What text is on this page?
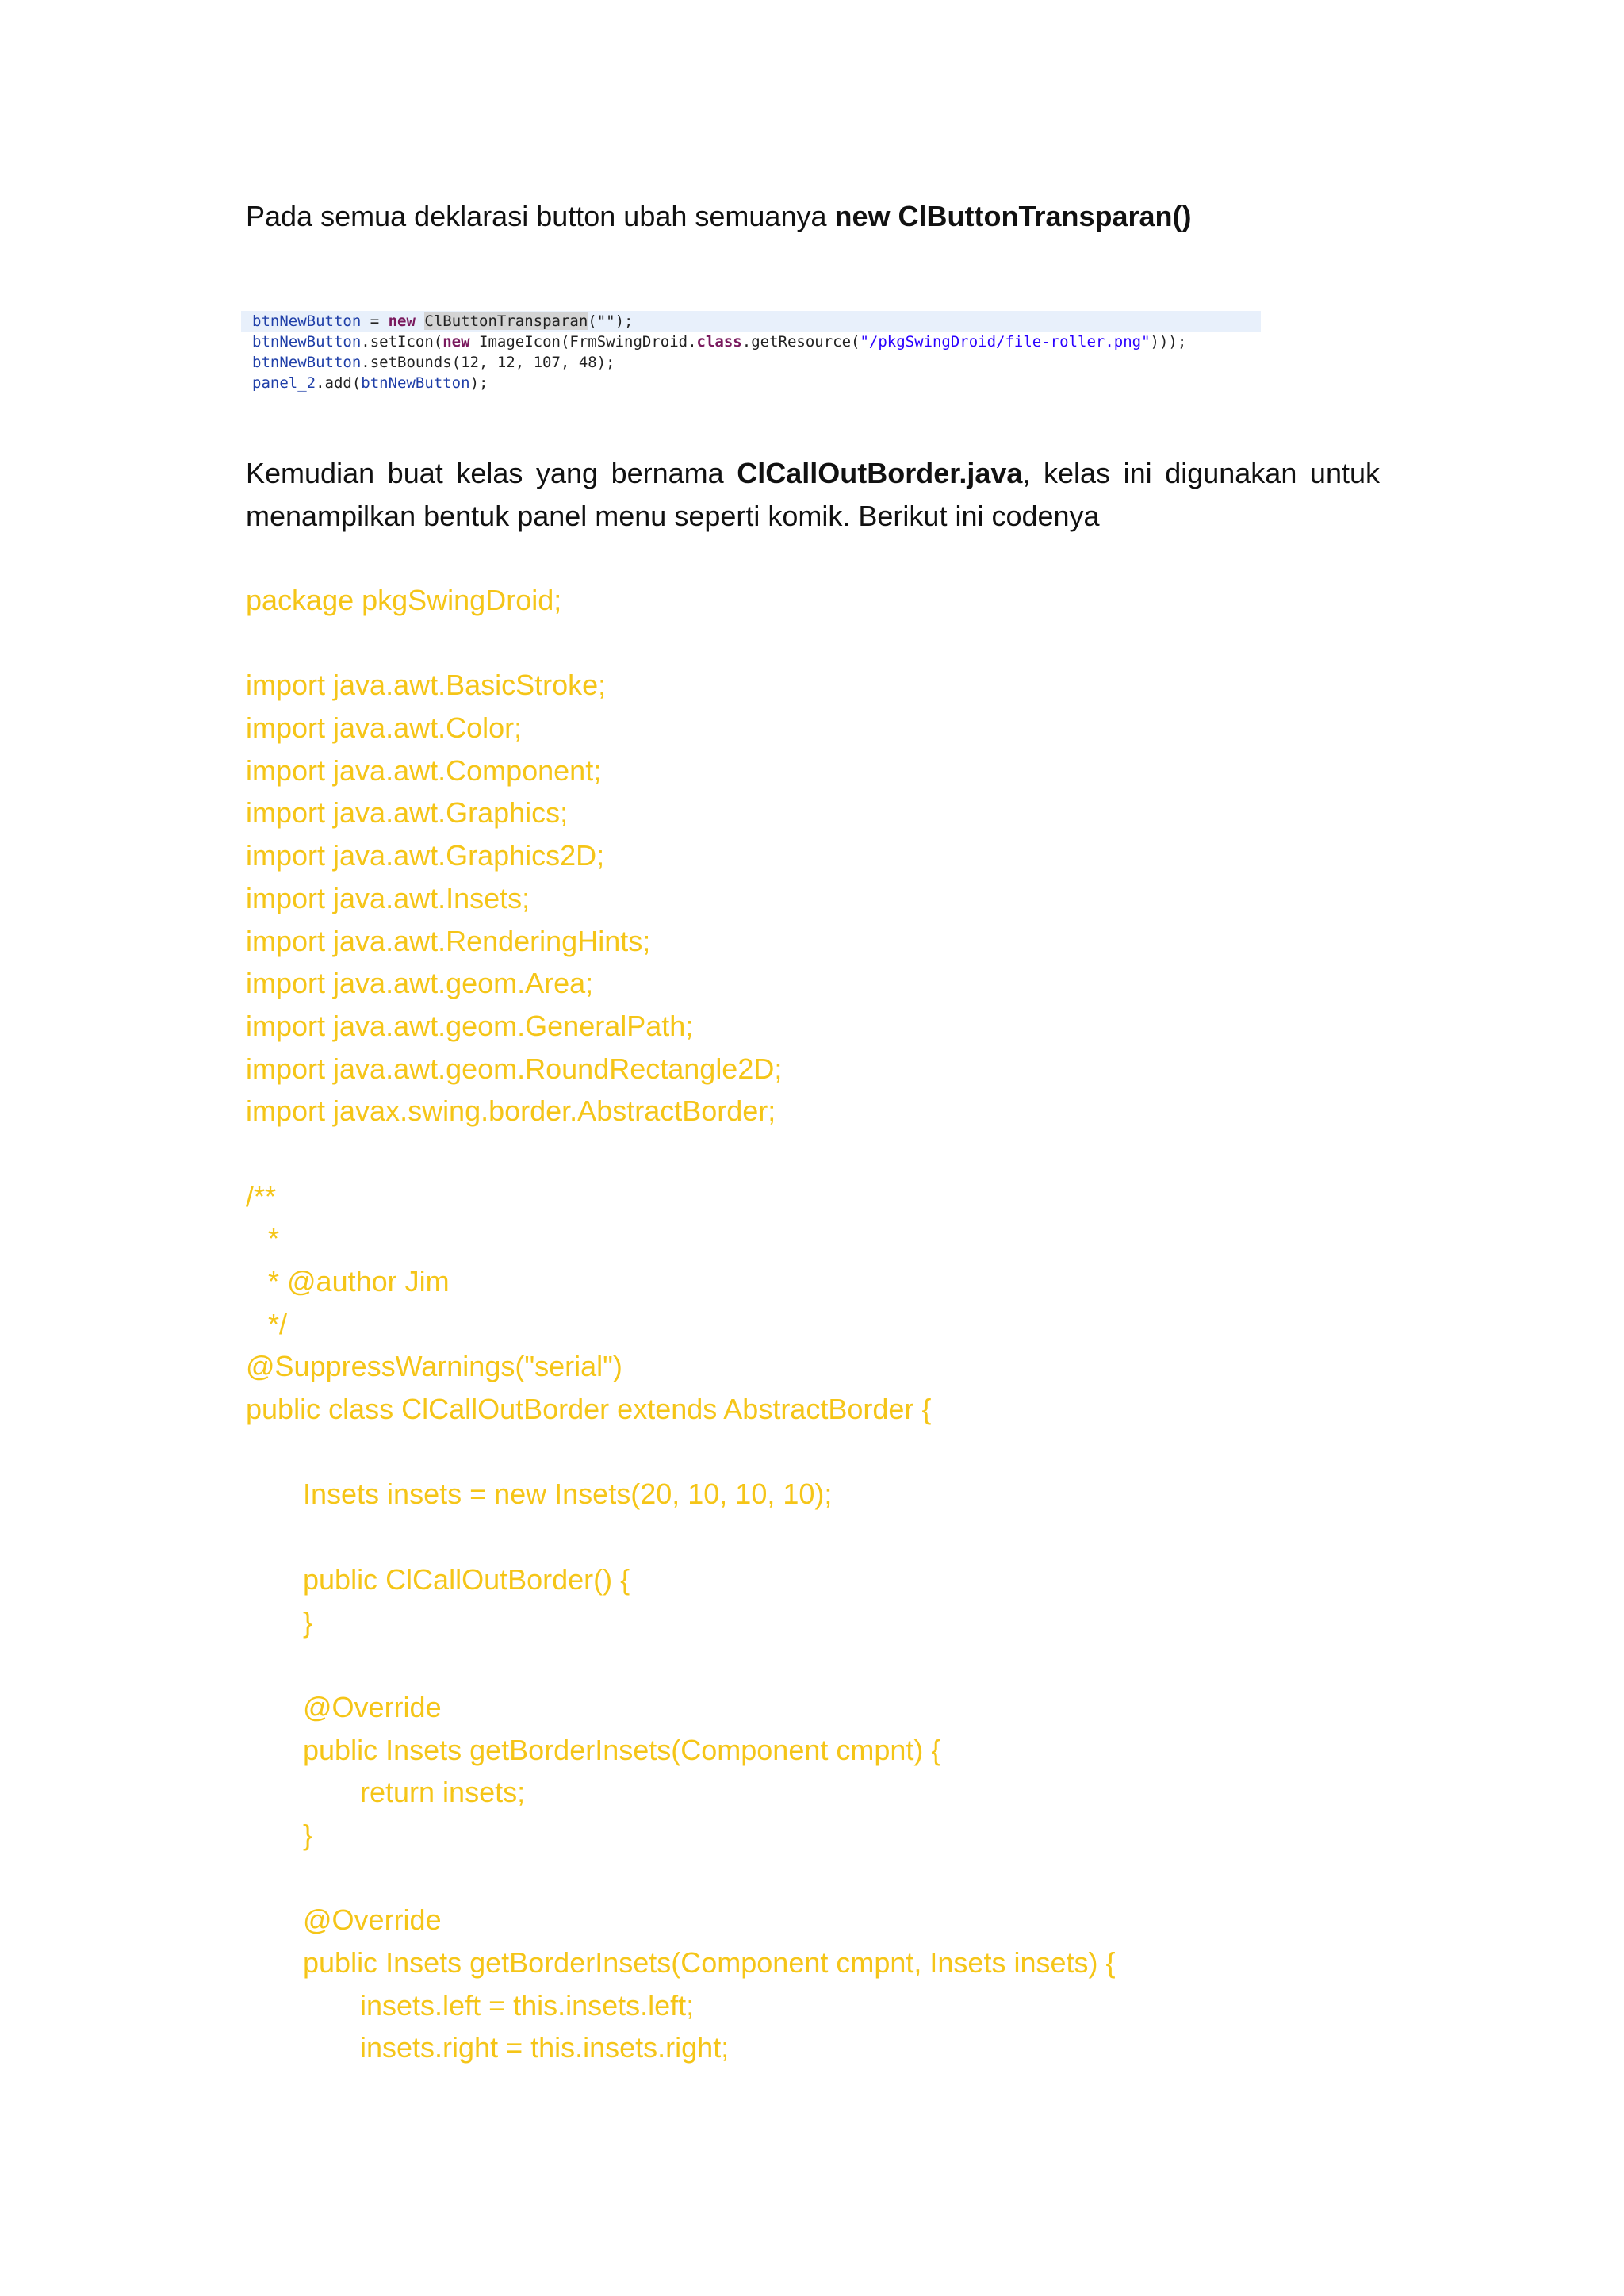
Pada semua deklarasi button ubah semuanya new ClButtonTransparan()

btnNewButton = new ClButtonTransparan("");
btnNewButton.setIcon(new ImageIcon(FrmSwingDroid.class.getResource("/pkgSwingDroid/file-roller.png")));
btnNewButton.setBounds(12, 12, 107, 48);
panel_2.add(btnNewButton);

Kemudian buat kelas yang bernama ClCallOutBorder.java, kelas ini digunakan untuk menampilkan bentuk panel menu seperti komik. Berikut ini codenya

package pkgSwingDroid;
import java.awt.BasicStroke;
import java.awt.Color;
import java.awt.Component;
import java.awt.Graphics;
import java.awt.Graphics2D;
import java.awt.Insets;
import java.awt.RenderingHints;
import java.awt.geom.Area;
import java.awt.geom.GeneralPath;
import java.awt.geom.RoundRectangle2D;
import javax.swing.border.AbstractBorder;
/**
*
* @author Jim
*/
@SuppressWarnings("serial")
public class ClCallOutBorder extends AbstractBorder {
Insets insets = new Insets(20, 10, 10, 10);
public ClCallOutBorder() {
}
@Override
public Insets getBorderInsets(Component cmpnt) {
return insets;
}
@Override
public Insets getBorderInsets(Component cmpnt, Insets insets) {
insets.left = this.insets.left;
insets.right = this.insets.right;
